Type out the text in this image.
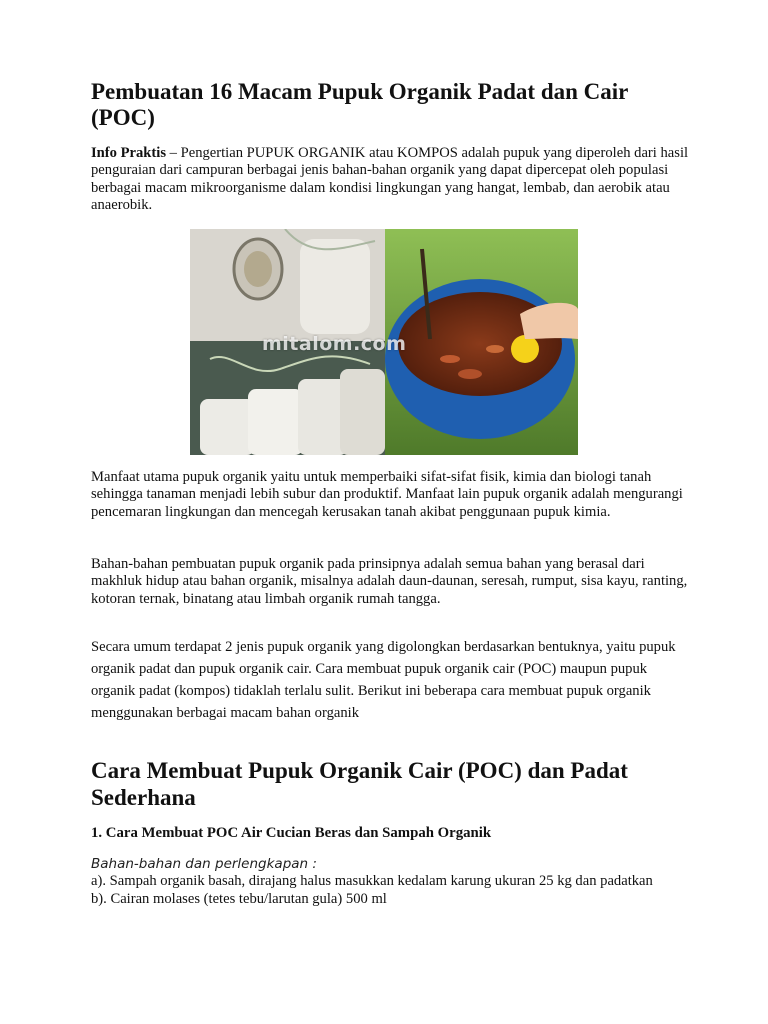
Pembuatan 16 Macam Pupuk Organik Padat dan Cair (POC)
Info Praktis – Pengertian PUPUK ORGANIK atau KOMPOS adalah pupuk yang diperoleh dari hasil penguraian dari campuran berbagai jenis bahan-bahan organik yang dapat dipercepat oleh populasi berbagai macam mikroorganisme dalam kondisi lingkungan yang hangat, lembab, dan aerobik atau anaerobik.
mitalom.com

Manfaat utama pupuk organik yaitu untuk memperbaiki sifat-sifat fisik, kimia dan biologi tanah sehingga tanaman menjadi lebih subur dan produktif. Manfaat lain pupuk organik adalah mengurangi pencemaran lingkungan dan mencegah kerusakan tanah akibat penggunaan pupuk kimia.

Bahan-bahan pembuatan pupuk organik pada prinsipnya adalah semua bahan yang berasal dari makhluk hidup atau bahan organik, misalnya adalah daun-daunan, seresah, rumput, sisa kayu, ranting, kotoran ternak, binatang atau limbah organik rumah tangga.

Secara umum terdapat 2 jenis pupuk organik yang digolongkan berdasarkan bentuknya, yaitu pupuk organik padat dan pupuk organik cair. Cara membuat pupuk organik cair (POC) maupun pupuk organik padat (kompos) tidaklah terlalu sulit. Berikut ini beberapa cara membuat pupuk organik menggunakan berbagai macam bahan organik

Cara Membuat Pupuk Organik Cair (POC) dan Padat Sederhana
1. Cara Membuat POC Air Cucian Beras dan Sampah Organik
Bahan-bahan dan perlengkapan :
a). Sampah organik basah, dirajang halus masukkan kedalam karung ukuran 25 kg dan padatkan
b). Cairan molases (tetes tebu/larutan gula) 500 ml
